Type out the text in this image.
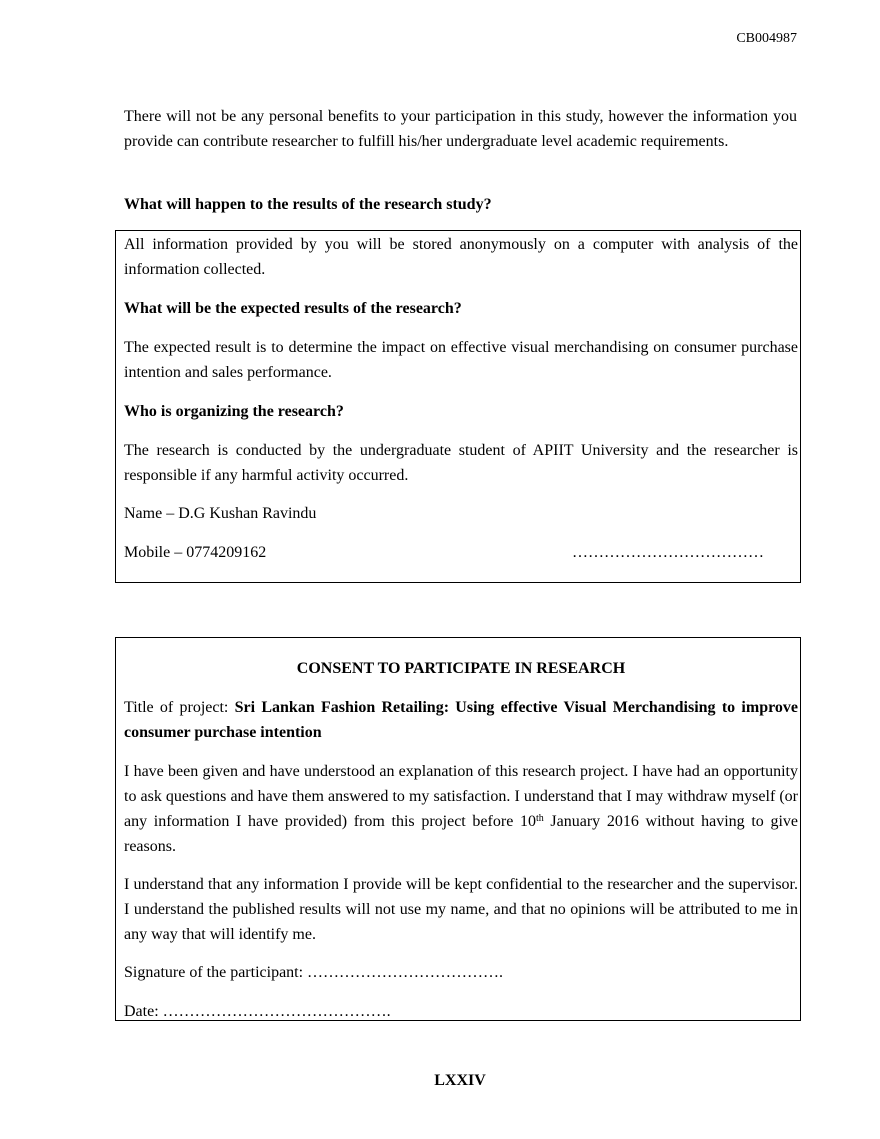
CB004987

There will not be any personal benefits to your participation in this study, however the information you provide can contribute researcher to fulfill his/her undergraduate level academic requirements.

What will happen to the results of the research study?

All information provided by you will be stored anonymously on a computer with analysis of the information collected.

What will be the expected results of the research?

The expected result is to determine the impact on effective visual merchandising on consumer purchase intention and sales performance.

Who is organizing the research?

The research is conducted by the undergraduate student of APIIT University and the researcher is responsible if any harmful activity occurred.

Name – D.G Kushan Ravindu

Mobile – 0774209162	………………………………

CONSENT TO PARTICIPATE IN RESEARCH

Title of project: Sri Lankan Fashion Retailing: Using effective Visual Merchandising to improve consumer purchase intention

I have been given and have understood an explanation of this research project. I have had an opportunity to ask questions and have them answered to my satisfaction. I understand that I may withdraw myself (or any information I have provided) from this project before 10th January 2016 without having to give reasons.

I understand that any information I provide will be kept confidential to the researcher and the supervisor. I understand the published results will not use my name, and that no opinions will be attributed to me in any way that will identify me.

Signature of the participant: ……………………………….

Date: …………………………………….

LXXIV
